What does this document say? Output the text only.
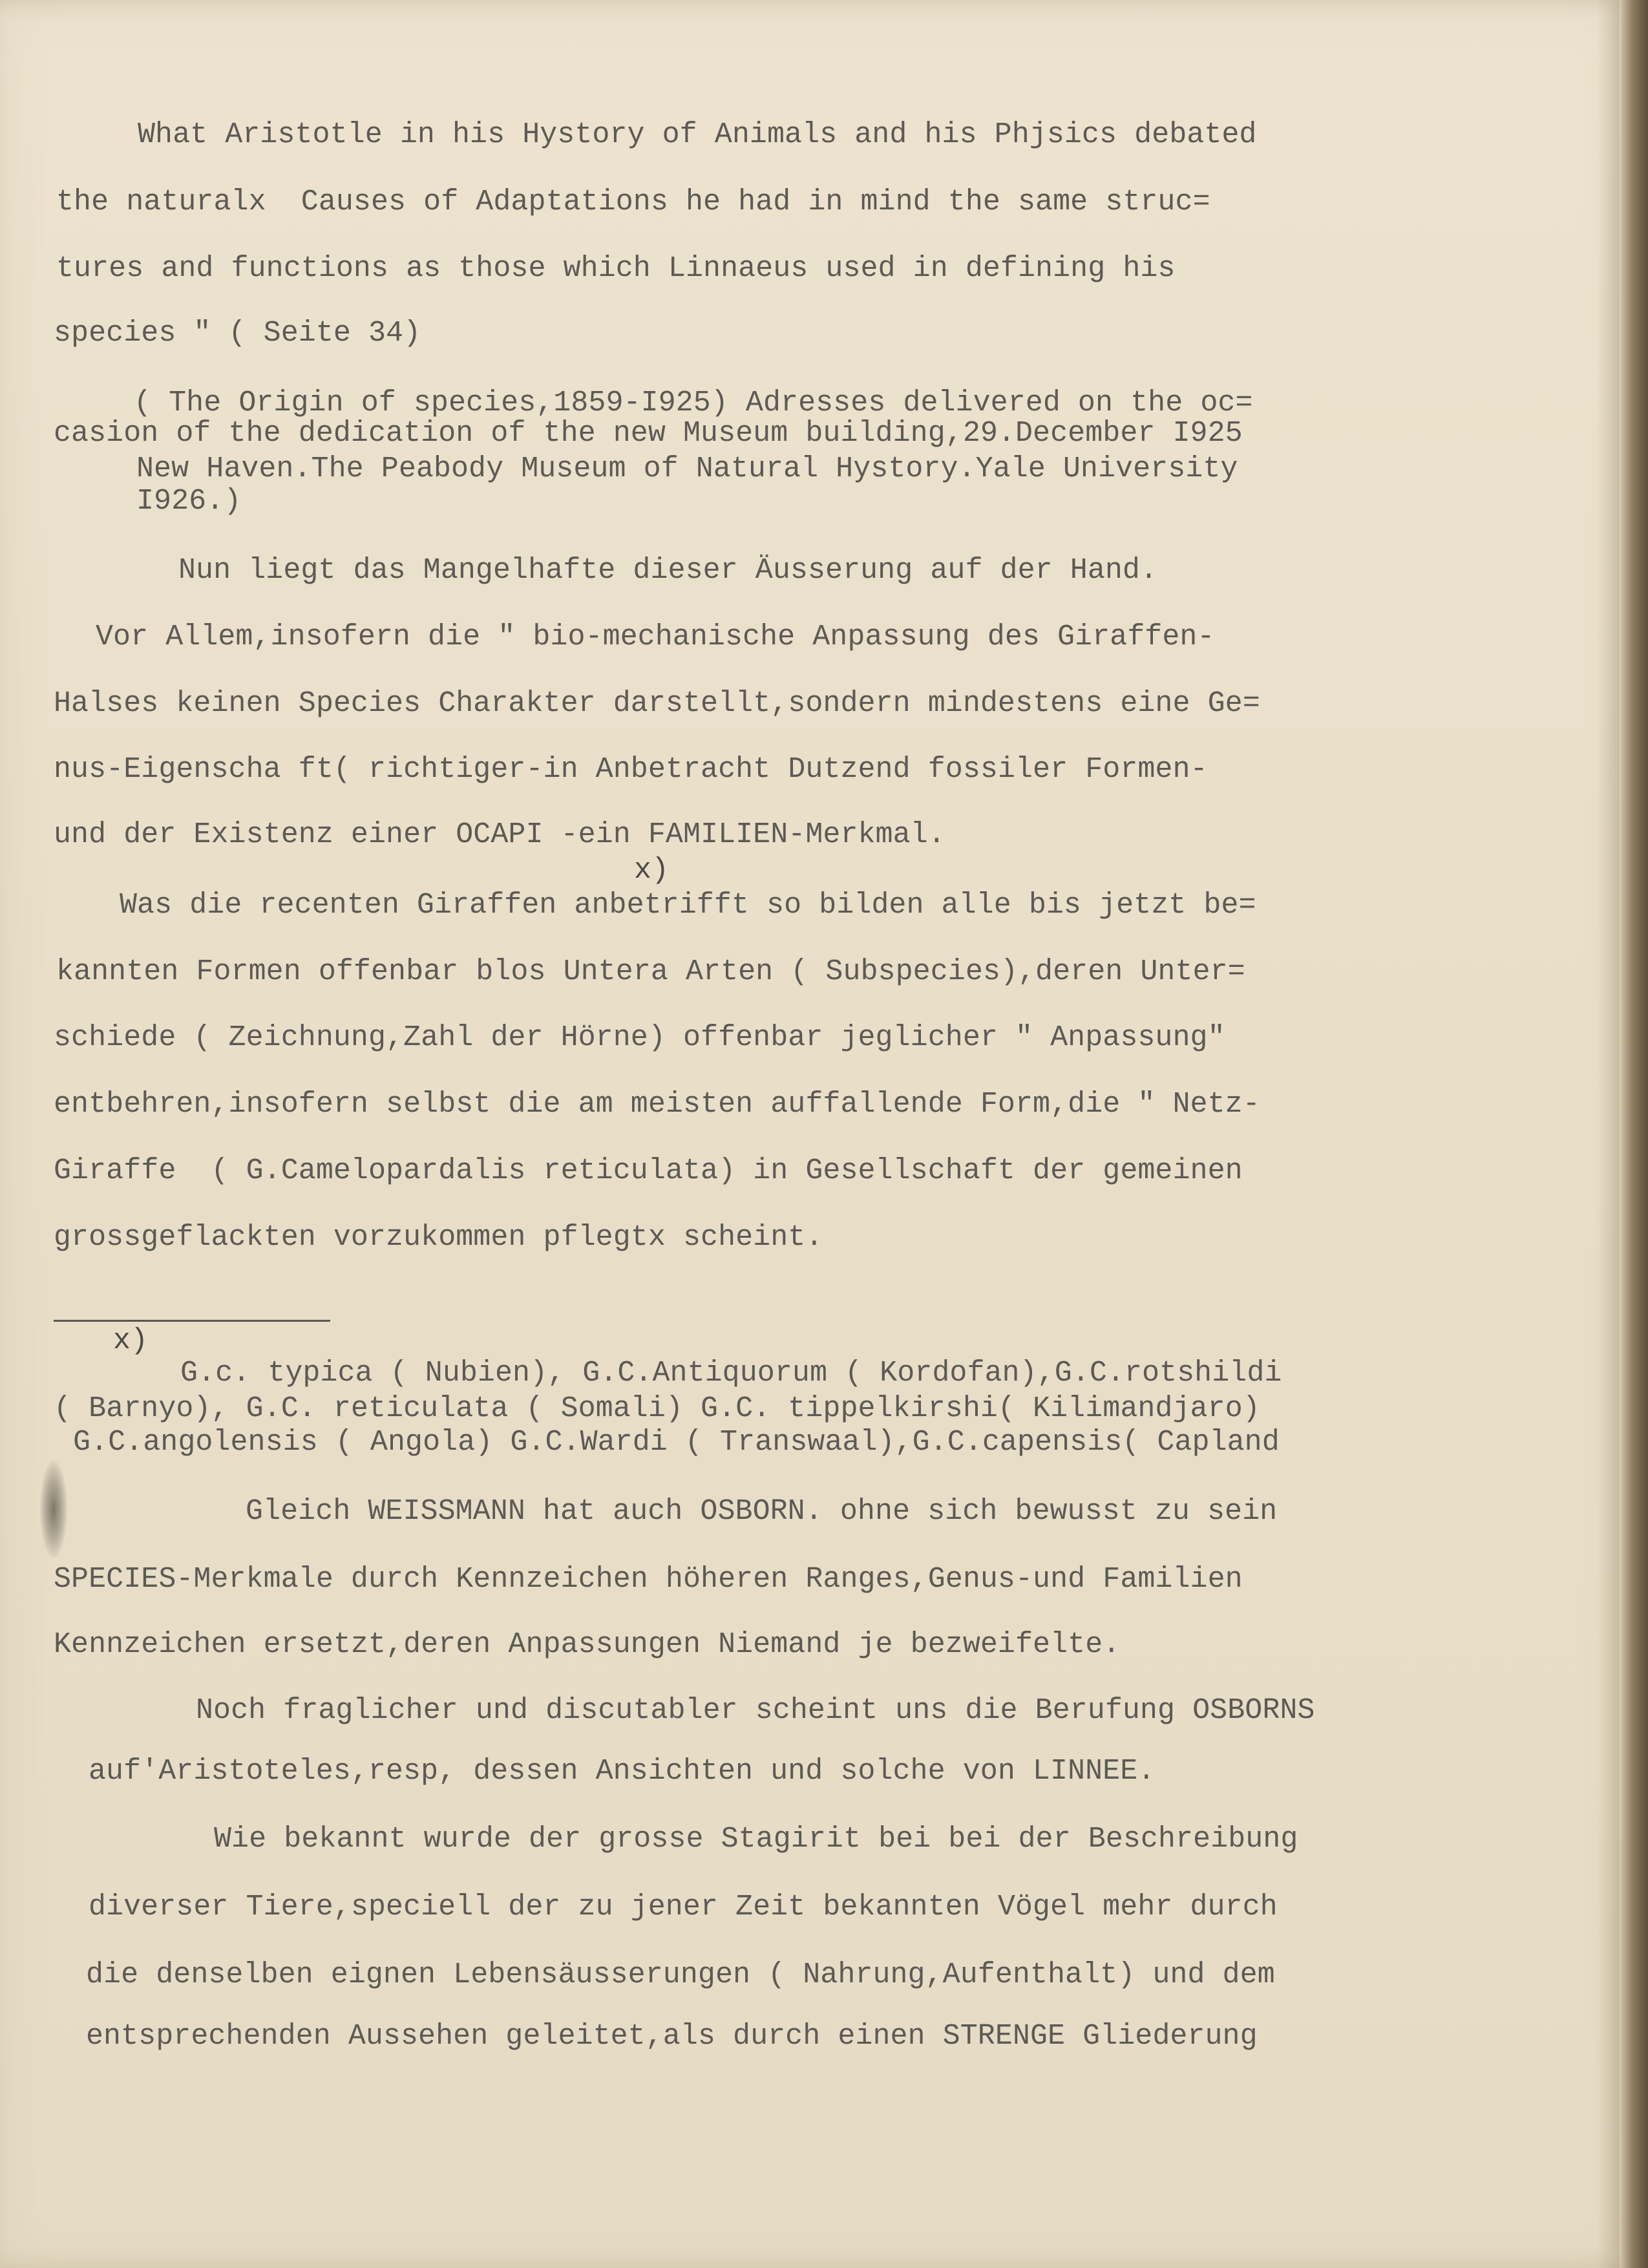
What Aristotle in his Hystory of Animals and his Phjsics debated
the naturalx  Causes of Adaptations he had in mind the same struc=
tures and functions as those which Linnaeus used in defining his
species " ( Seite 34)
( The Origin of species,1859-I925) Adresses delivered on the oc=
casion of the dedication of the new Museum building,29.December I925
New Haven.The Peabody Museum of Natural Hystory.Yale University
I926.)
Nun liegt das Mangelhafte dieser Äusserung auf der Hand.
Vor Allem,insofern die " bio-mechanische Anpassung des Giraffen-
Halses keinen Species Charakter darstellt,sondern mindestens eine Ge=
nus-Eigenscha ft( richtiger-in Anbetracht Dutzend fossiler Formen-
und der Existenz einer OCAPI -ein FAMILIEN-Merkmal.
x)
Was die recenten Giraffen anbetrifft so bilden alle bis jetzt be=
kannten Formen offenbar blos Untera Arten ( Subspecies),deren Unter=
schiede ( Zeichnung,Zahl der Hörne) offenbar jeglicher " Anpassung"
entbehren,insofern selbst die am meisten auffallende Form,die " Netz-
Giraffe  ( G.Camelopardalis reticulata) in Gesellschaft der gemeinen
grossgeflackten vorzukommen pflegtx scheint.
x)
G.c. typica ( Nubien), G.C.Antiquorum ( Kordofan),G.C.rotshildi
( Barnyo), G.C. reticulata ( Somali) G.C. tippelkirshi( Kilimandjaro)
G.C.angolensis ( Angola) G.C.Wardi ( Transwaal),G.C.capensis( Capland
Gleich WEISSMANN hat auch OSBORN. ohne sich bewusst zu sein
SPECIES-Merkmale durch Kennzeichen höheren Ranges,Genus-und Familien
Kennzeichen ersetzt,deren Anpassungen Niemand je bezweifelte.
Noch fraglicher und discutabler scheint uns die Berufung OSBORNS
auf'Aristoteles,resp, dessen Ansichten und solche von LINNEE.
Wie bekannt wurde der grosse Stagirit bei bei der Beschreibung
diverser Tiere,speciell der zu jener Zeit bekannten Vögel mehr durch
die denselben eignen Lebensäusserungen ( Nahrung,Aufenthalt) und dem
entsprechenden Aussehen geleitet,als durch einen STRENGE Gliederung
